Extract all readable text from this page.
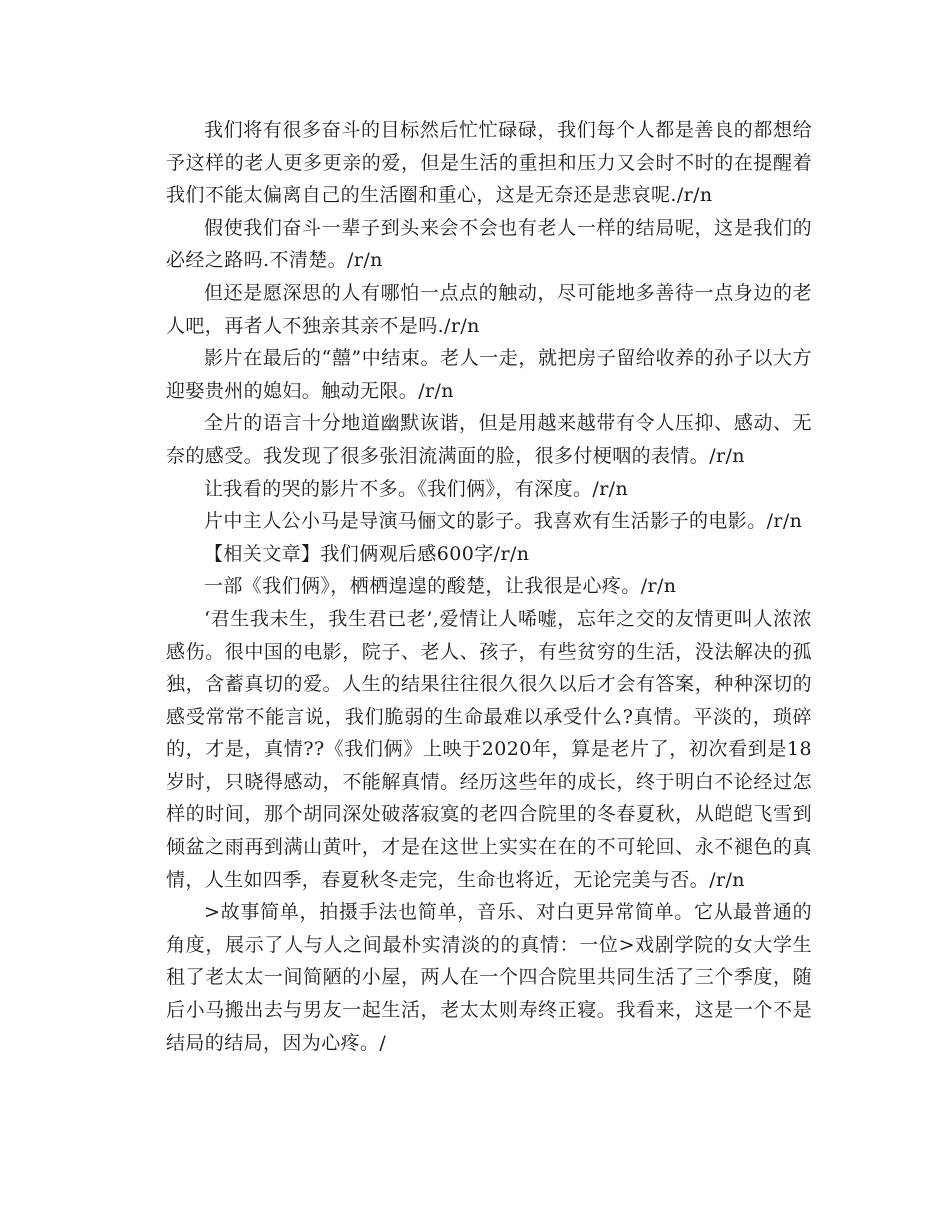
我们将有很多奋斗的目标然后忙忙碌碌，我们每个人都是善良的都想给予这样的老人更多更亲的爱，但是生活的重担和压力又会时不时的在提醒着我们不能太偏离自己的生活圈和重心，这是无奈还是悲哀呢./r/n

假使我们奋斗一辈子到头来会不会也有老人一样的结局呢，这是我们的必经之路吗.不清楚。/r/n

但还是愿深思的人有哪怕一点点的触动，尽可能地多善待一点身边的老人吧，再者人不独亲其亲不是吗./r/n

影片在最后的“囍”中结束。老人一走，就把房子留给收养的孙子以大方迎娶贵州的媳妇。触动无限。/r/n

全片的语言十分地道幽默诙谐，但是用越来越带有令人压抑、感动、无奈的感受。我发现了很多张泪流满面的脸，很多付梗咽的表情。/r/n

让我看的哭的影片不多。《我们俩》，有深度。/r/n

片中主人公小马是导演马俪文的影子。我喜欢有生活影子的电影。/r/n

【相关文章】我们俩观后感600字/r/n

一部《我们俩》，栖栖遑遑的酸楚，让我很是心疼。/r/n

‘君生我未生，我生君已老’,爱情让人唏嘘，忘年之交的友情更叫人浓浓感伤。很中国的电影，院子、老人、孩子，有些贫穷的生活，没法解决的孤独，含蓄真切的爱。人生的结果往往很久很久以后才会有答案，种种深切的感受常常不能言说，我们脆弱的生命最难以承受什么?真情。平淡的，琐碎的，才是，真情??《我们俩》上映于2020年，算是老片了，初次看到是18岁时，只晓得感动，不能解真情。经历这些年的成长，终于明白不论经过怎样的时间，那个胡同深处破落寂寞的老四合院里的冬春夏秋，从皑皑飞雪到倾盆之雨再到满山黄叶，才是在这世上实实在在的不可轮回、永不褪色的真情，人生如四季，春夏秋冬走完，生命也将近，无论完美与否。/r/n

>故事简单，拍摄手法也简单，音乐、对白更异常简单。它从最普通的角度，展示了人与人之间最朴实清淡的的真情：一位>戏剧学院的女大学生租了老太太一间简陋的小屋，两人在一个四合院里共同生活了三个季度，随后小马搬出去与男友一起生活，老太太则寿终正寝。我看来，这是一个不是结局的结局，因为心疼。/
